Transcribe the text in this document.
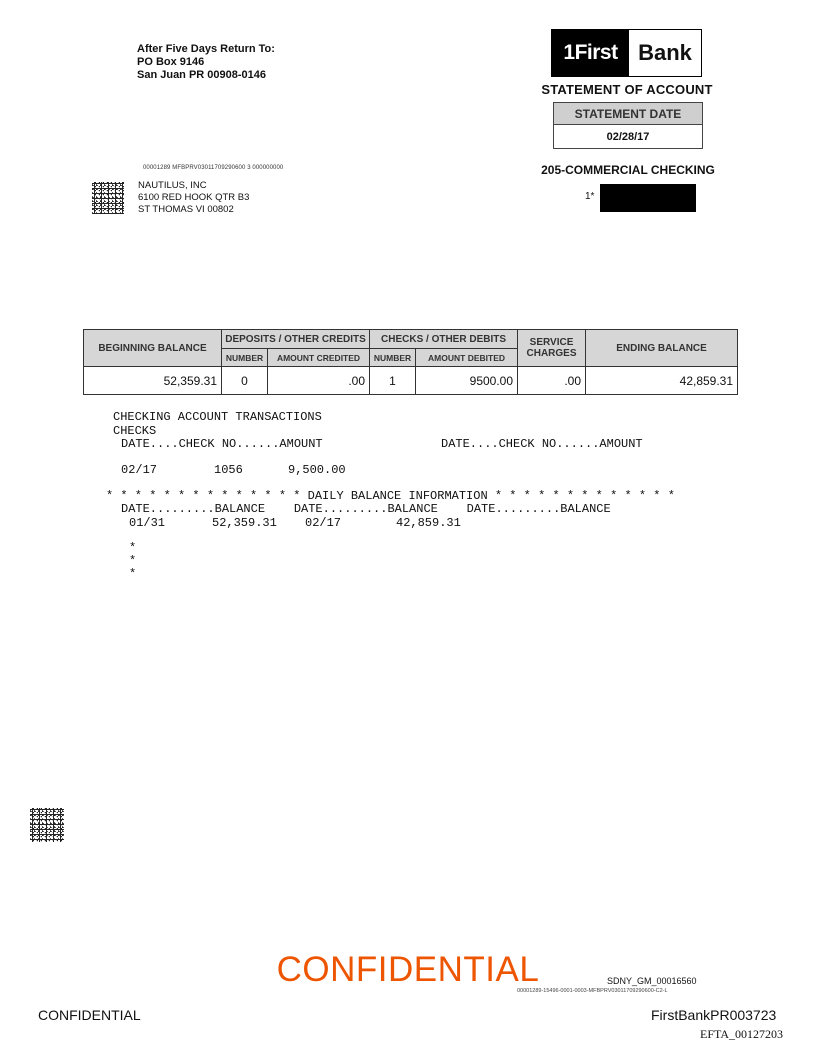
After Five Days Return To:
PO Box 9146
San Juan PR 00908-0146
1First Bank
STATEMENT OF ACCOUNT
STATEMENT DATE
02/28/17
205-COMMERCIAL CHECKING
1*
00001289 MFBPRV03011709290600 3 000000000
NAUTILUS, INC
6100 RED HOOK QTR B3
ST THOMAS VI 00802
BEGINNING BALANCE	DEPOSITS / OTHER CREDITS		CHECKS / OTHER DEBITS		SERVICE CHARGES	ENDING BALANCE
	NUMBER	AMOUNT CREDITED	NUMBER	AMOUNT DEBITED		
52,359.31	0	.00	1	9500.00	.00	42,859.31
CHECKING ACCOUNT TRANSACTIONS
CHECKS
DATE....CHECK NO......AMOUNT	DATE....CHECK NO......AMOUNT
02/17	1056	9,500.00
* * * * * * * * * * * * * * DAILY BALANCE INFORMATION * * * * * * * * * * * * *
DATE.........BALANCE    DATE.........BALANCE    DATE.........BALANCE
01/31	52,359.31 02/17	42,859.31
*
*
*
CONFIDENTIAL	SDNY_GM_00016560
00001289-15496-0001-0003-MFBPRV03011709290600-C2-L
CONFIDENTIAL	FirstBankPR003723
EFTA_00127203
